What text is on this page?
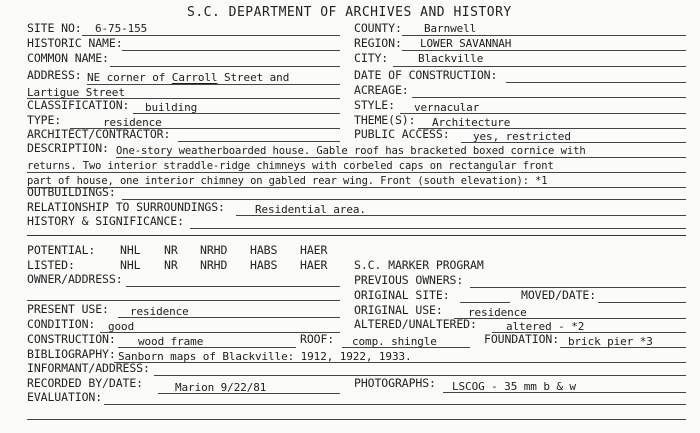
S.C. DEPARTMENT OF ARCHIVES AND HISTORY
SITE NO: 6-75-155
HISTORIC NAME:
COMMON NAME:
ADDRESS: NE corner of Carroll Street and
Lartigue Street
CLASSIFICATION: building
TYPE:	residence
ARCHITECT/CONTRACTOR:
COUNTY: Barnwell
REGION: LOWER SAVANNAH
CITY:	Blackville
DATE OF CONSTRUCTION:
ACREAGE:
STYLE: vernacular
THEME(S): Architecture
PUBLIC ACCESS: yes, restricted
DESCRIPTION: One-story weatherboarded house. Gable roof has bracketed boxed cornice with
returns. Two interior straddle-ridge chimneys with corbeled caps on rectangular front
part of house, one interior chimney on gabled rear wing. Front (south elevation): *1
OUTBUILDINGS:
RELATIONSHIP TO SURROUNDINGS:	Residential area.
HISTORY & SIGNIFICANCE:
POTENTIAL: NHL NR NRHD HABS HAER
LISTED:	NHL NR NRHD HABS HAER
OWNER/ADDRESS:
S.C. MARKER PROGRAM
PREVIOUS OWNERS:
ORIGINAL SITE:	MOVED/DATE:
ORIGINAL USE: residence
ALTERED/UNALTERED:	altered - *2
PRESENT USE: residence
CONDITION: good
CONSTRUCTION: wood frame	ROOF: comp. shingle	FOUNDATION: brick pier *3
BIBLIOGRAPHY: Sanborn maps of Blackville: 1912, 1922, 1933.
INFORMANT/ADDRESS:
RECORDED BY/DATE:	Marion 9/22/81	PHOTOGRAPHS: LSCOG - 35 mm b & w
EVALUATION:
